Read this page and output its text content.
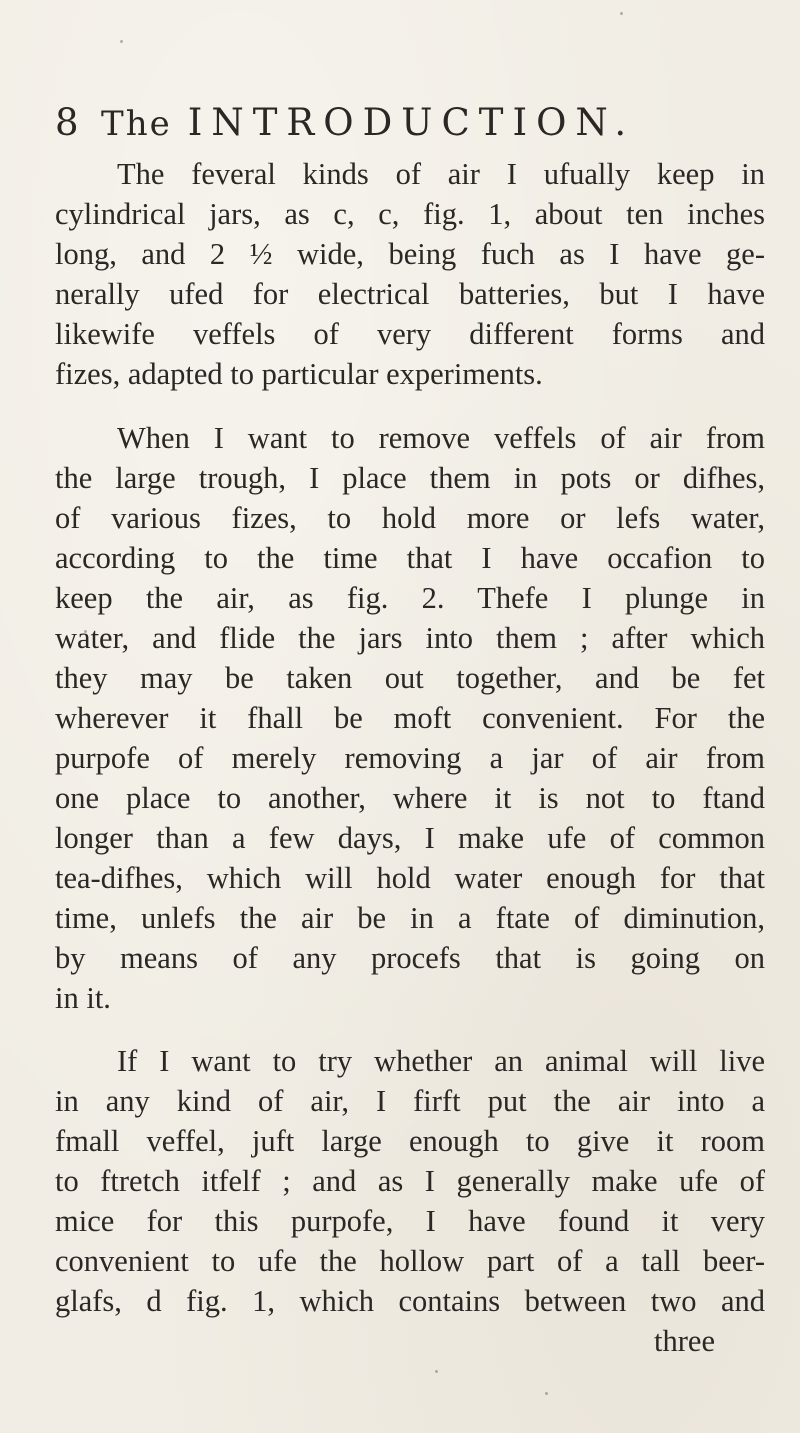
8 The INTRODUCTION.
The feveral kinds of air I ufually keep in
cylindrical jars, as c, c, fig. 1, about ten inches
long, and 2 ½ wide, being fuch as I have ge-
nerally ufed for electrical batteries, but I have
likewife veffels of very different forms and
fizes, adapted to particular experiments.
When I want to remove veffels of air from
the large trough, I place them in pots or difhes,
of various fizes, to hold more or lefs water,
according to the time that I have occafion to
keep the air, as fig. 2. Thefe I plunge in
water, and flide the jars into them ; after which
they may be taken out together, and be fet
wherever it fhall be moft convenient. For the
purpofe of merely removing a jar of air from
one place to another, where it is not to ftand
longer than a few days, I make ufe of common
tea-difhes, which will hold water enough for that
time, unlefs the air be in a ftate of diminution,
by means of any procefs that is going on
in it.
If I want to try whether an animal will live
in any kind of air, I firft put the air into a
fmall veffel, juft large enough to give it room
to ftretch itfelf ; and as I generally make ufe of
mice for this purpofe, I have found it very
convenient to ufe the hollow part of a tall beer-
glafs, d fig. 1, which contains between two and
three
